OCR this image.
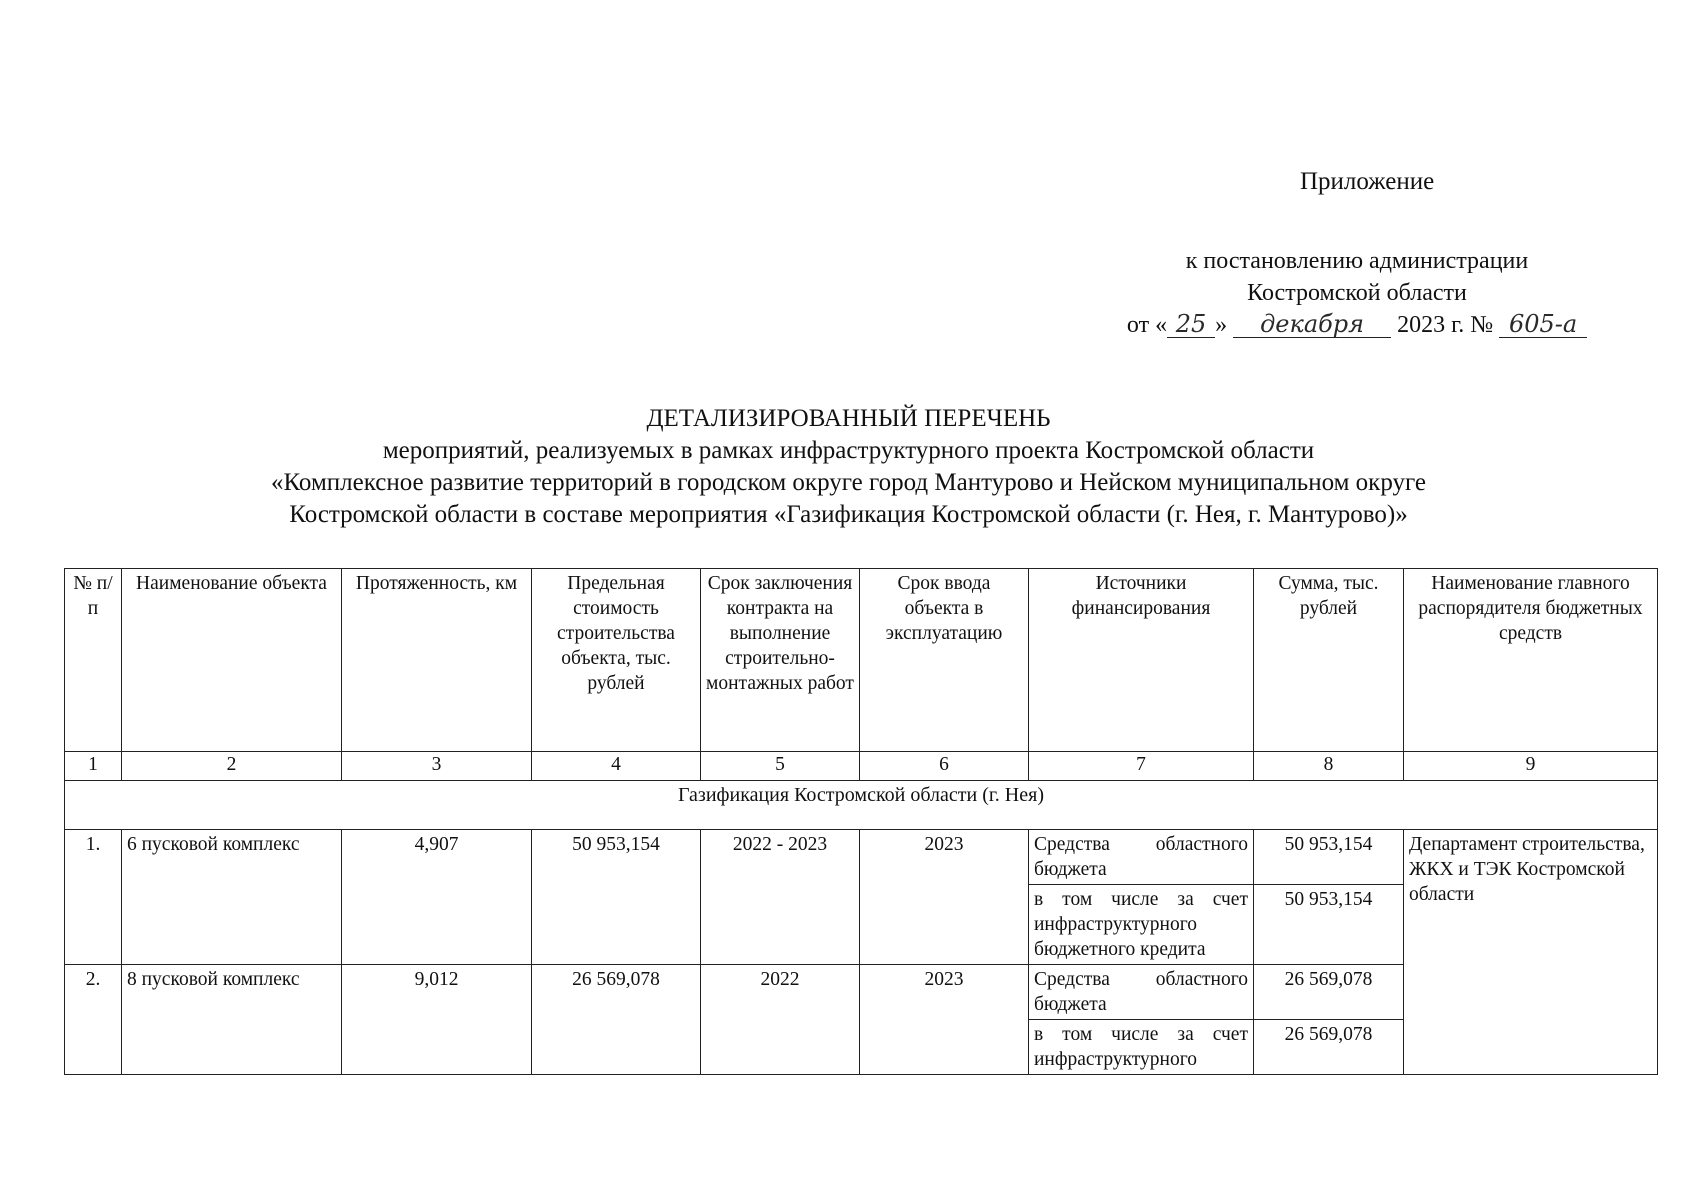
Приложение
к постановлению администрации
Костромской области
от « 25 » декабря 2023 г. № 605-а
ДЕТАЛИЗИРОВАННЫЙ ПЕРЕЧЕНЬ
мероприятий, реализуемых в рамках инфраструктурного проекта Костромской области
«Комплексное развитие территорий в городском округе город Мантурово и Нейском муниципальном округе
Костромской области в составе мероприятия «Газификация Костромской области (г. Нея, г. Мантурово)»
№ п/п	Наименование объекта	Протяженность, км	Предельная стоимость строительства объекта, тыс. рублей	Срок заключения контракта на выполнение строительно-монтажных работ	Срок ввода объекта в эксплуатацию	Источники финансирования	Сумма, тыс. рублей	Наименование главного распорядителя бюджетных средств
1	2	3	4	5	6	7	8	9
Газификация Костромской области (г. Нея)								
1.	6 пусковой комплекс	4,907	50 953,154	2022 - 2023	2023	Средства областного бюджета	50 953,154	Департамент строительства, ЖКХ и ТЭК Костромской области
						в том числе за счет инфраструктурного бюджетного кредита	50 953,154	
2.	8 пусковой комплекс	9,012	26 569,078	2022	2023	Средства областного бюджета	26 569,078	
						в том числе за счет инфраструктурного	26 569,078	
